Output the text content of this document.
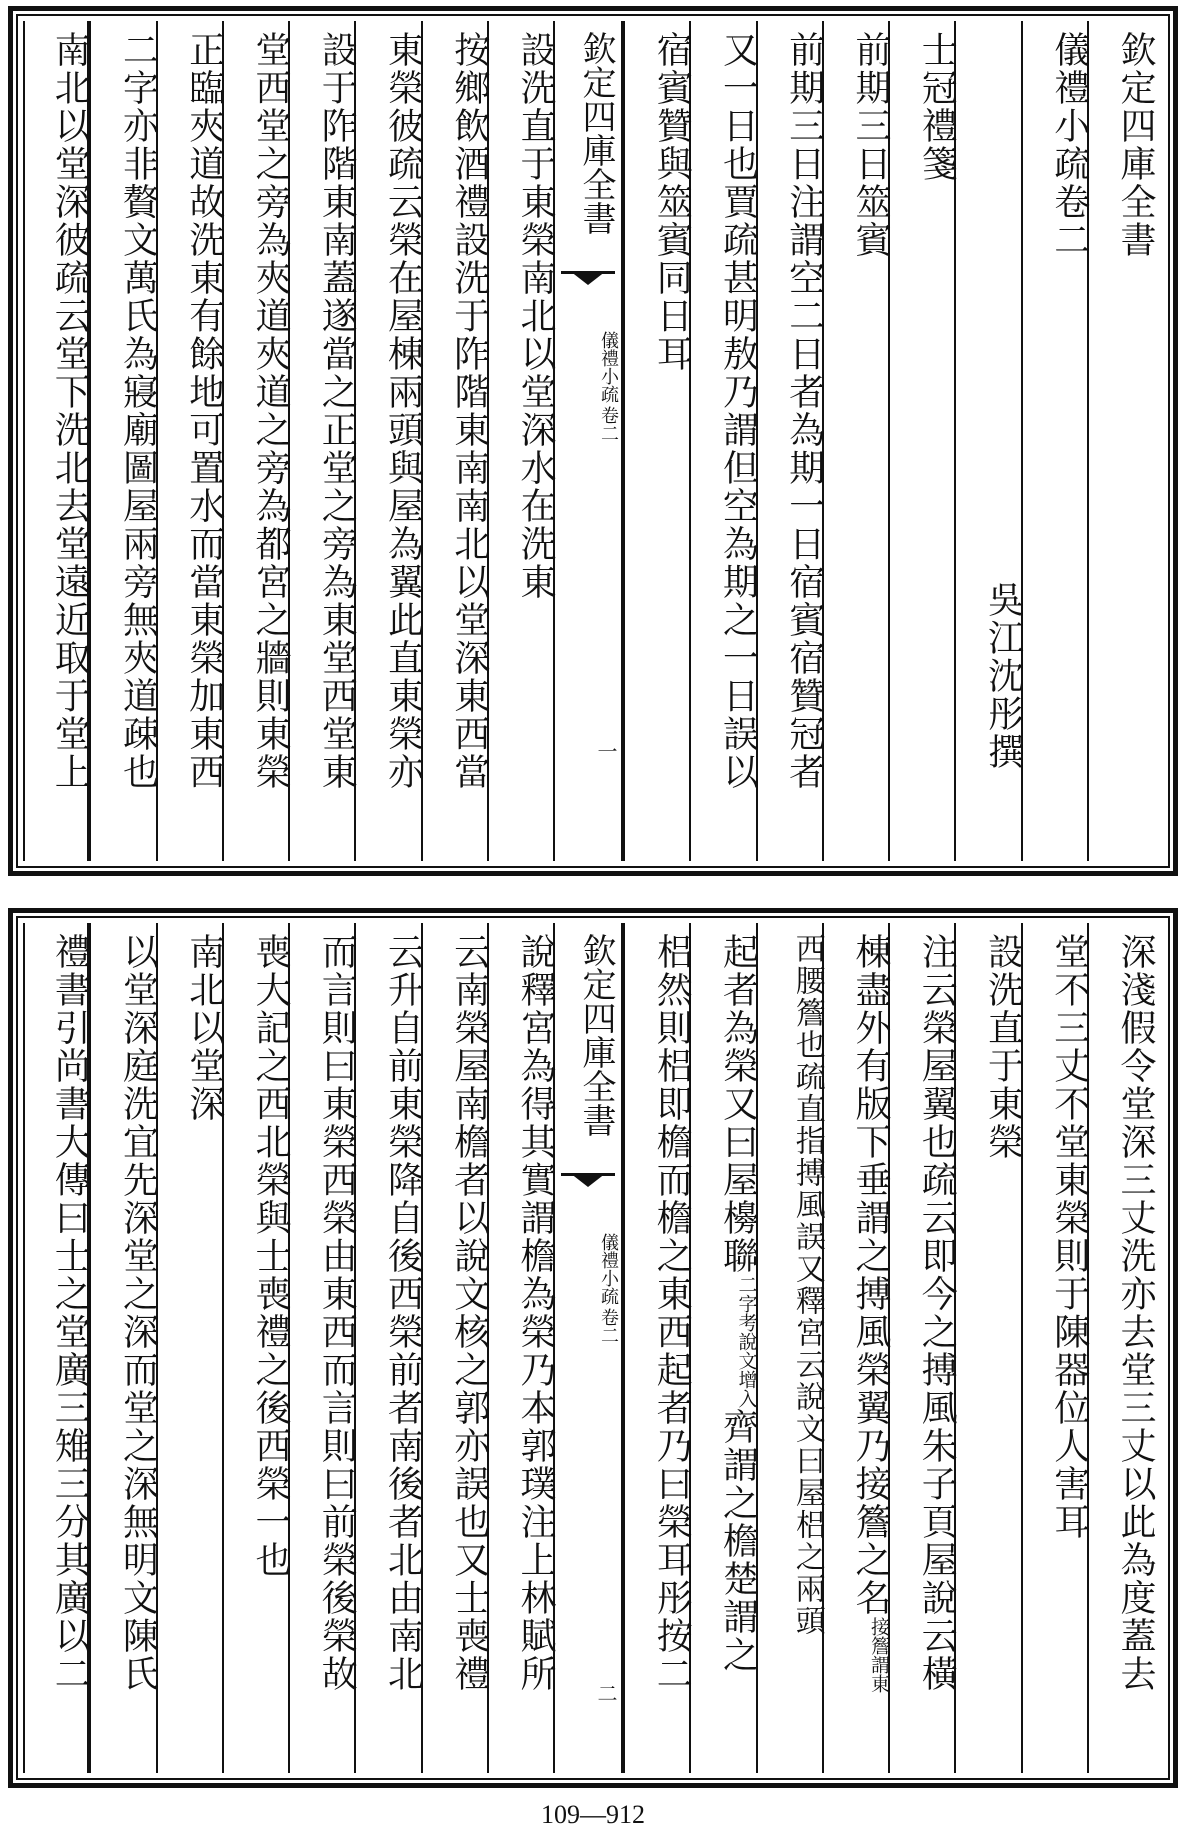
欽定四庫全書
儀禮小疏卷二
吳江沈彤撰
士冠禮箋
前期三日筮賓
前期三日注謂空二日者為期一日宿賓宿贊冠者
又一日也賈疏甚明敖乃謂但空為期之一日誤以
宿賓贊與筮賓同日耳
欽定四庫全書
儀禮小疏
卷二
一
設洗直于東榮南北以堂深水在洗東
按鄉飲酒禮設洗于阼階東南南北以堂深東西當
東榮彼疏云榮在屋棟兩頭與屋為翼此直東榮亦
設于阼階東南蓋遂當之正堂之旁為東堂西堂東
堂西堂之旁為夾道夾道之旁為都宮之牆則東榮
正臨夾道故洗東有餘地可置水而當東榮加東西
二字亦非贅文萬氏為寢廟圖屋兩旁無夾道疎也
南北以堂深彼疏云堂下洗北去堂遠近取于堂上
深淺假令堂深三丈洗亦去堂三丈以此為度蓋去
堂不三丈不堂東榮則于陳器位人害耳
設洗直于東榮
注云榮屋翼也疏云即今之搏風朱子頁屋說云橫
棟盡外有版下垂謂之搏風榮翼乃接簷之名
接簷謂東
西腰簷也疏直指搏風誤又釋宮云說文曰屋梠之兩頭
起者為榮又曰屋櫋聯
二字考說文增入
齊謂之檐楚謂之
梠然則梠即檐而檐之東西起者乃曰榮耳彤按二
欽定四庫全書
儀禮小疏
卷二
二
說釋宮為得其實謂檐為榮乃本郭璞注上林賦所
云南榮屋南檐者以說文核之郭亦誤也又士喪禮
云升自前東榮降自後西榮前者南後者北由南北
而言則曰東榮西榮由東西而言則曰前榮後榮故
喪大記之西北榮與士喪禮之後西榮一也
南北以堂深
以堂深庭洗宜先深堂之深而堂之深無明文陳氏
禮書引尚書大傳曰士之堂廣三雉三分其廣以二
109—912
